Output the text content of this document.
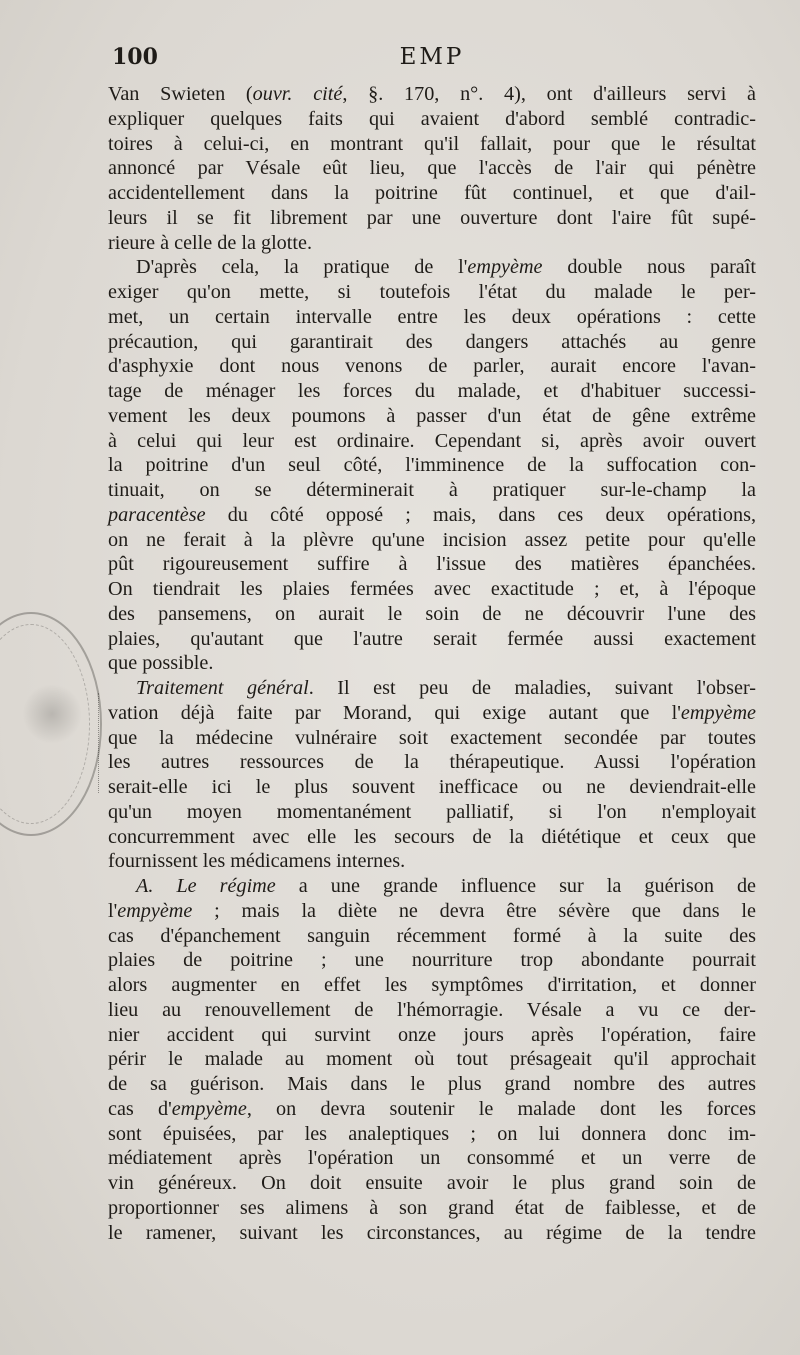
100	EMP

Van Swieten (ouvr. cité, §. 170, n°. 4), ont d'ailleurs servi à
expliquer quelques faits qui avaient d'abord semblé contradic-
toires à celui-ci, en montrant qu'il fallait, pour que le résultat
annoncé par Vésale eût lieu, que l'accès de l'air qui pénètre
accidentellement dans la poitrine fût continuel, et que d'ail-
leurs il se fit librement par une ouverture dont l'aire fût supé-
rieure à celle de la glotte.

D'après cela, la pratique de l'empyème double nous paraît
exiger qu'on mette, si toutefois l'état du malade le per-
met, un certain intervalle entre les deux opérations : cette
précaution, qui garantirait des dangers attachés au genre
d'asphyxie dont nous venons de parler, aurait encore l'avan-
tage de ménager les forces du malade, et d'habituer successi-
vement les deux poumons à passer d'un état de gêne extrême
à celui qui leur est ordinaire. Cependant si, après avoir ouvert
la poitrine d'un seul côté, l'imminence de la suffocation con-
tinuait, on se déterminerait à pratiquer sur-le-champ la
paracentèse du côté opposé ; mais, dans ces deux opérations,
on ne ferait à la plèvre qu'une incision assez petite pour qu'elle
pût rigoureusement suffire à l'issue des matières épanchées.
On tiendrait les plaies fermées avec exactitude ; et, à l'époque
des pansemens, on aurait le soin de ne découvrir l'une des
plaies, qu'autant que l'autre serait fermée aussi exactement
que possible.

Traitement général. Il est peu de maladies, suivant l'obser-
vation déjà faite par Morand, qui exige autant que l'empyème
que la médecine vulnéraire soit exactement secondée par toutes
les autres ressources de la thérapeutique. Aussi l'opération
serait-elle ici le plus souvent inefficace ou ne deviendrait-elle
qu'un moyen momentanément palliatif, si l'on n'employait
concurremment avec elle les secours de la diététique et ceux que
fournissent les médicamens internes.

A. Le régime a une grande influence sur la guérison de
l'empyème ; mais la diète ne devra être sévère que dans le
cas d'épanchement sanguin récemment formé à la suite des
plaies de poitrine ; une nourriture trop abondante pourrait
alors augmenter en effet les symptômes d'irritation, et donner
lieu au renouvellement de l'hémorragie. Vésale a vu ce der-
nier accident qui survint onze jours après l'opération, faire
périr le malade au moment où tout présageait qu'il approchait
de sa guérison. Mais dans le plus grand nombre des autres
cas d'empyème, on devra soutenir le malade dont les forces
sont épuisées, par les analeptiques ; on lui donnera donc im-
médiatement après l'opération un consommé et un verre de
vin généreux. On doit ensuite avoir le plus grand soin de
proportionner ses alimens à son grand état de faiblesse, et de
le ramener, suivant les circonstances, au régime de la tendre
